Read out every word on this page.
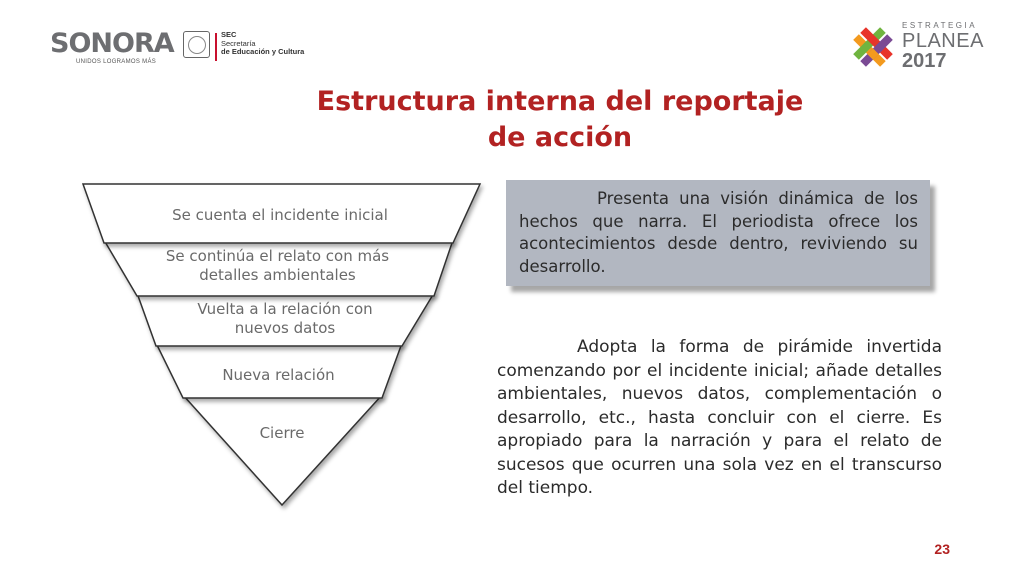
SONORA
UNIDOS LOGRAMOS MÁS
SEC
Secretaría
de Educación y Cultura
ESTRATEGIA
PLANEA
2017
Estructura interna del reportaje
de acción
Se cuenta el incidente inicial
Se continúa el relato con más
detalles ambientales
Vuelta a la relación con
nuevos datos
Nueva relación
Cierre
Presenta una visión dinámica de los hechos que narra. El periodista ofrece los acontecimientos desde dentro, reviviendo su desarrollo.
Adopta la forma de pirámide invertida comenzando por el incidente inicial; añade detalles ambientales, nuevos datos, complementación o desarrollo, etc., hasta concluir con el cierre. Es apropiado para la narración y para el relato de sucesos que ocurren una sola vez en el transcurso del tiempo.
23
